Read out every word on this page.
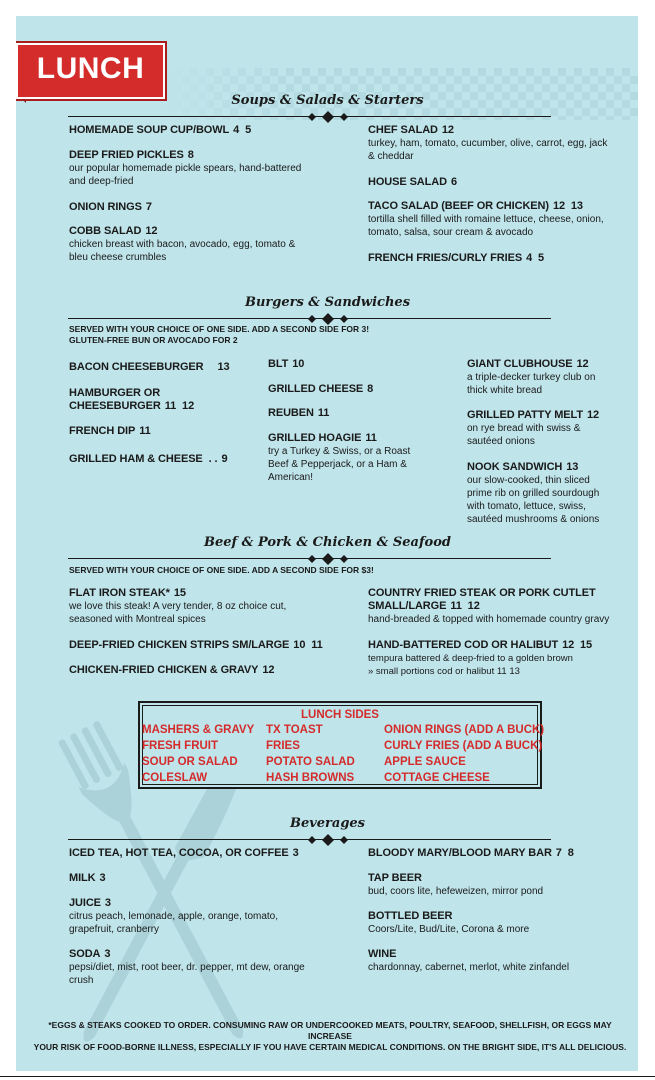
LUNCH
Soups & Salads & Starters
Burgers & Sandwiches
Beef & Pork & Chicken & Seafood
Beverages
HOMEMADE SOUP CUP/BOWL 4  5
DEEP FRIED PICKLES 8
our popular homemade pickle spears, hand-battered
and deep-fried
ONION RINGS 7
COBB SALAD 12
chicken breast with bacon, avocado, egg, tomato &
bleu cheese crumbles
CHEF SALAD 12
turkey, ham, tomato, cucumber, olive, carrot, egg, jack
& cheddar
HOUSE SALAD 6
TACO SALAD (BEEF OR CHICKEN) 12  13
tortilla shell filled with romaine lettuce, cheese, onion,
tomato, salsa, sour cream & avocado
FRENCH FRIES/CURLY FRIES 4  5
SERVED WITH YOUR CHOICE OF ONE SIDE. ADD A SECOND SIDE FOR 3!
GLUTEN-FREE BUN OR AVOCADO FOR 2
BACON CHEESEBURGER 13
HAMBURGER OR
CHEESEBURGER 11  12
FRENCH DIP 11
GRILLED HAM & CHEESE  . . 9
BLT 10
GRILLED CHEESE 8
REUBEN 11
GRILLED HOAGIE 11
try a Turkey & Swiss, or a Roast
Beef & Pepperjack, or a Ham &
American!
GIANT CLUBHOUSE 12
a triple-decker turkey club on
thick white bread
GRILLED PATTY MELT 12
on rye bread with swiss &
sautéed onions
NOOK SANDWICH 13
our slow-cooked, thin sliced
prime rib on grilled sourdough
with tomato, lettuce, swiss,
sautéed mushrooms & onions
SERVED WITH YOUR CHOICE OF ONE SIDE. ADD A SECOND SIDE FOR $3!
FLAT IRON STEAK* 15
we love this steak! A very tender, 8 oz choice cut,
seasoned with Montreal spices
DEEP-FRIED CHICKEN STRIPS SM/LARGE 10  11
CHICKEN-FRIED CHICKEN & GRAVY 12
COUNTRY FRIED STEAK OR PORK CUTLET
SMALL/LARGE 11  12
hand-breaded & topped with homemade country gravy
HAND-BATTERED COD OR HALIBUT 12  15
tempura battered & deep-fried to a golden brown
» small portions cod or halibut 11 13
LUNCH SIDES
MASHERS & GRAVY
FRESH FRUIT
SOUP OR SALAD
COLESLAW
TX TOAST
FRIES
POTATO SALAD
HASH BROWNS
ONION RINGS (ADD A BUCK)
CURLY FRIES (ADD A BUCK)
APPLE SAUCE
COTTAGE CHEESE
ICED TEA, HOT TEA, COCOA, OR COFFEE 3
MILK 3
JUICE 3
citrus peach, lemonade, apple, orange, tomato,
grapefruit, cranberry
SODA 3
pepsi/diet, mist, root beer, dr. pepper, mt dew, orange
crush
BLOODY MARY/BLOOD MARY BAR 7  8
TAP BEER
bud, coors lite, hefeweizen, mirror pond
BOTTLED BEER
Coors/Lite, Bud/Lite, Corona & more
WINE
chardonnay, cabernet, merlot, white zinfandel
*EGGS & STEAKS COOKED TO ORDER. CONSUMING RAW OR UNDERCOOKED MEATS, POULTRY, SEAFOOD, SHELLFISH, OR EGGS MAY INCREASE
YOUR RISK OF FOOD-BORNE ILLNESS, ESPECIALLY IF YOU HAVE CERTAIN MEDICAL CONDITIONS. ON THE BRIGHT SIDE, IT'S ALL DELICIOUS.
